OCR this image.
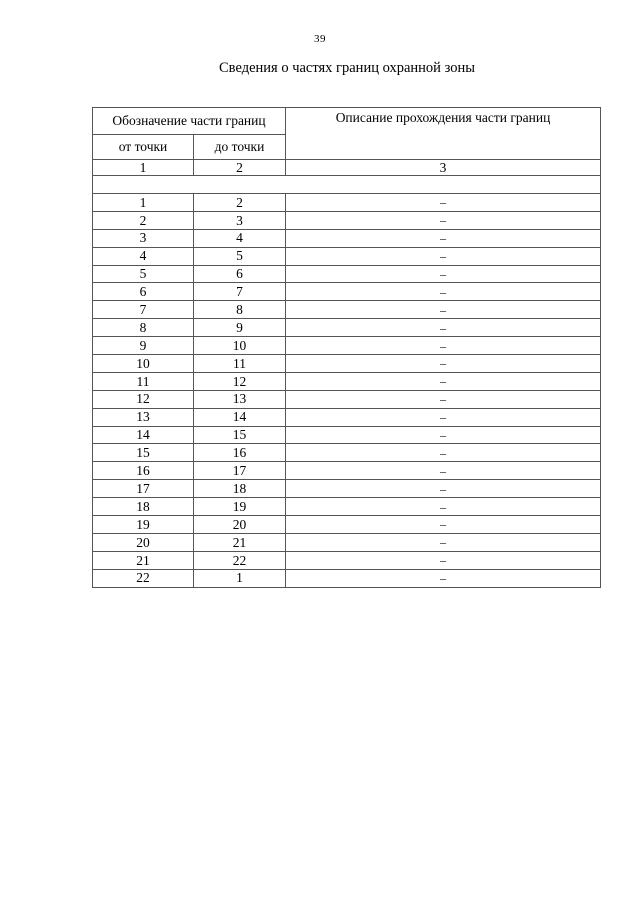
39
Сведения о частях границ охранной зоны
Обозначение части границ		Описание прохождения части границ
от точки	до точки	
1	2	3

1	2	–
2	3	–
3	4	–
4	5	–
5	6	–
6	7	–
7	8	–
8	9	–
9	10	–
10	11	–
11	12	–
12	13	–
13	14	–
14	15	–
15	16	–
16	17	–
17	18	–
18	19	–
19	20	–
20	21	–
21	22	–
22	1	–
